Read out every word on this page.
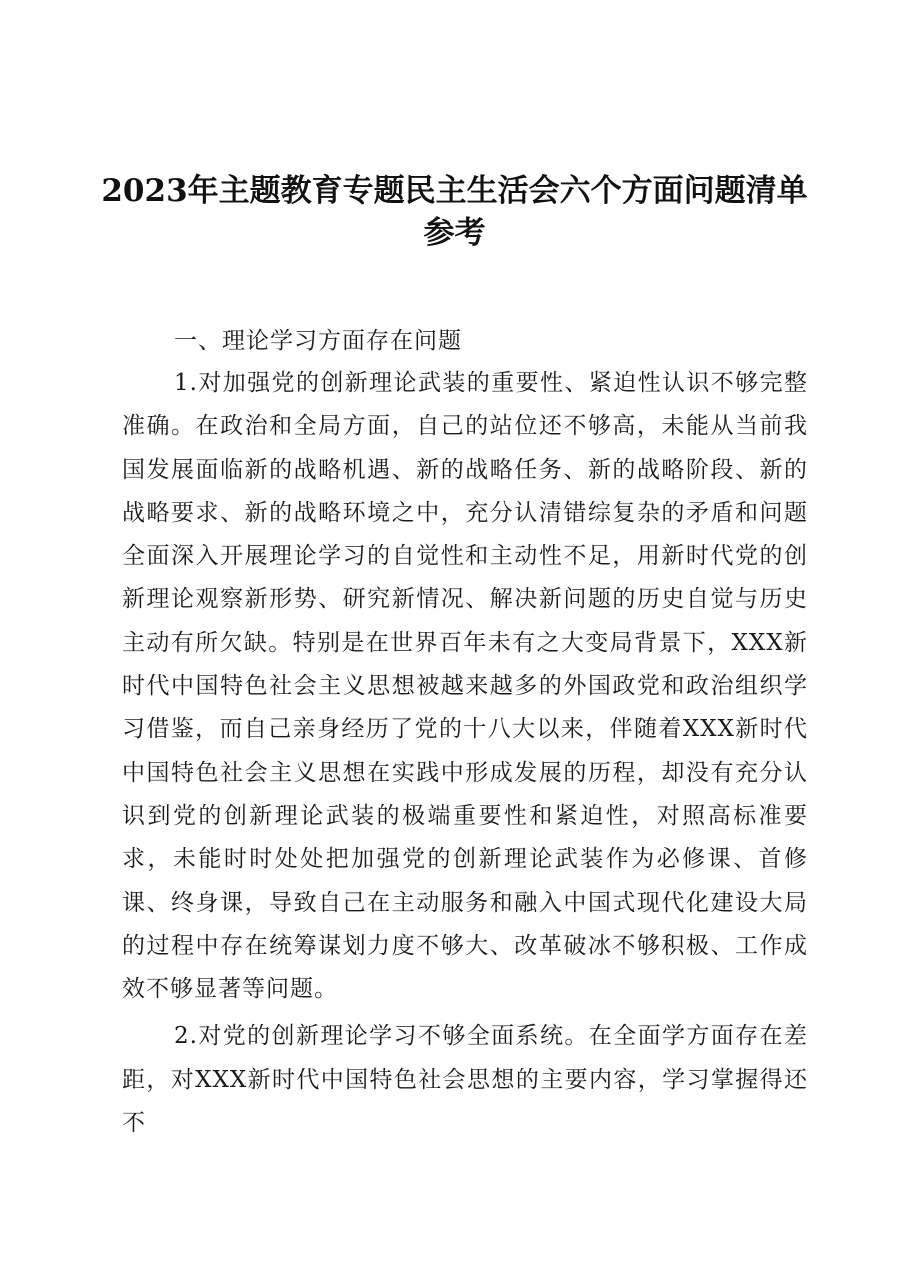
2023年主题教育专题民主生活会六个方面问题清单参考

一、理论学习方面存在问题

1.对加强党的创新理论武装的重要性、紧迫性认识不够完整准确。在政治和全局方面，自己的站位还不够高，未能从当前我国发展面临新的战略机遇、新的战略任务、新的战略阶段、新的战略要求、新的战略环境之中，充分认清错综复杂的矛盾和问题全面深入开展理论学习的自觉性和主动性不足，用新时代党的创新理论观察新形势、研究新情况、解决新问题的历史自觉与历史主动有所欠缺。特别是在世界百年未有之大变局背景下，XXX新时代中国特色社会主义思想被越来越多的外国政党和政治组织学习借鉴，而自己亲身经历了党的十八大以来，伴随着XXX新时代中国特色社会主义思想在实践中形成发展的历程，却没有充分认识到党的创新理论武装的极端重要性和紧迫性，对照高标准要求，未能时时处处把加强党的创新理论武装作为必修课、首修课、终身课，导致自己在主动服务和融入中国式现代化建设大局的过程中存在统筹谋划力度不够大、改革破冰不够积极、工作成效不够显著等问题。

2.对党的创新理论学习不够全面系统。在全面学方面存在差距，对XXX新时代中国特色社会思想的主要内容，学习掌握得还不
